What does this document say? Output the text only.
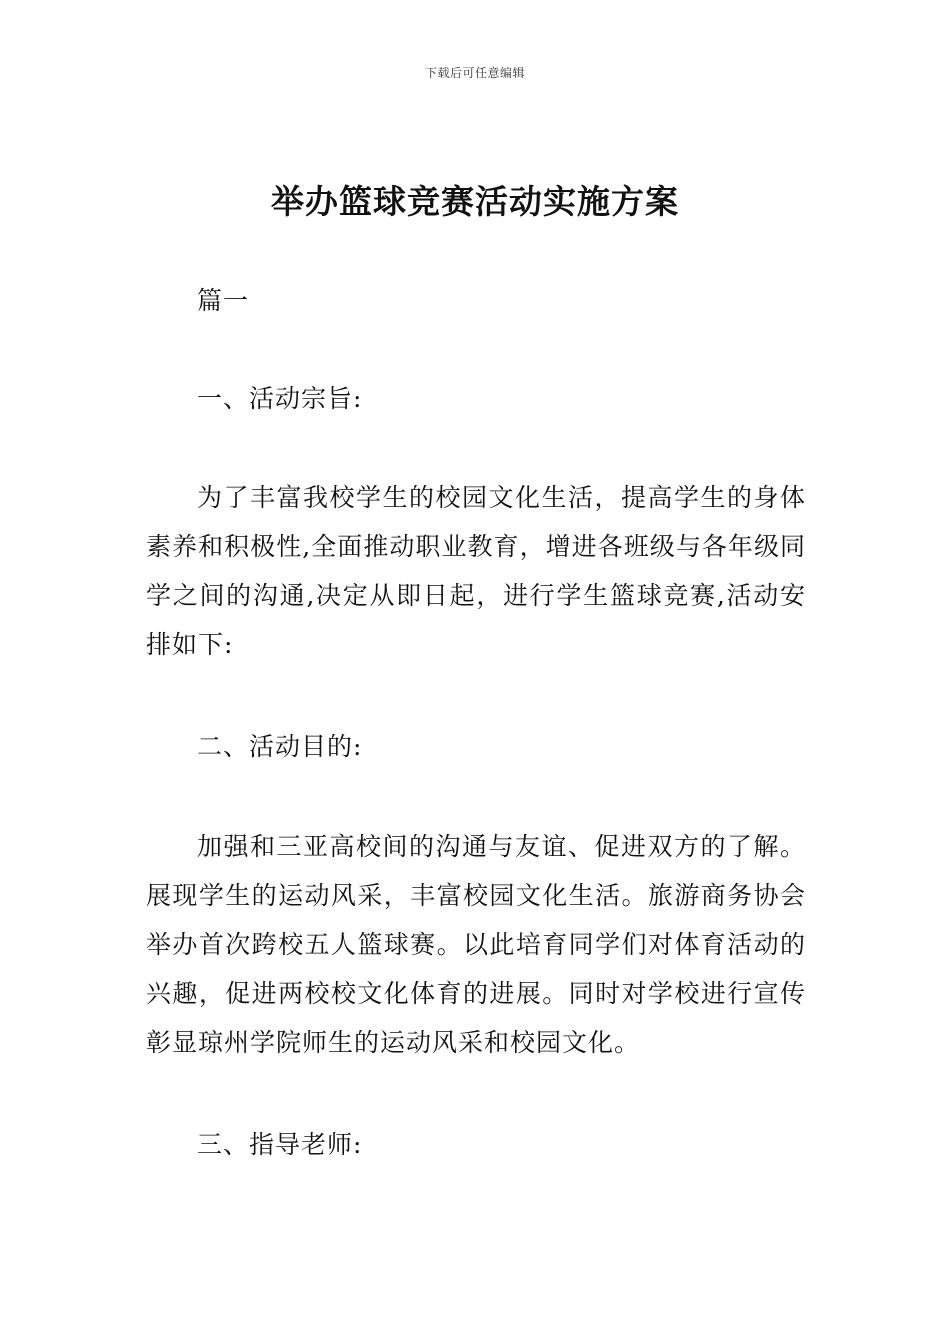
下载后可任意编辑
举办篮球竞赛活动实施方案

篇一

一、活动宗旨:

为了丰富我校学生的校园文化生活，提高学生的身体素养和积极性,全面推动职业教育，增进各班级与各年级同学之间的沟通,决定从即日起，进行学生篮球竞赛,活动安排如下:

二、活动目的:

加强和三亚高校间的沟通与友谊、促进双方的了解。展现学生的运动风采，丰富校园文化生活。旅游商务协会举办首次跨校五人篮球赛。以此培育同学们对体育活动的兴趣，促进两校校文化体育的进展。同时对学校进行宣传彰显琼州学院师生的运动风采和校园文化。

三、指导老师:
